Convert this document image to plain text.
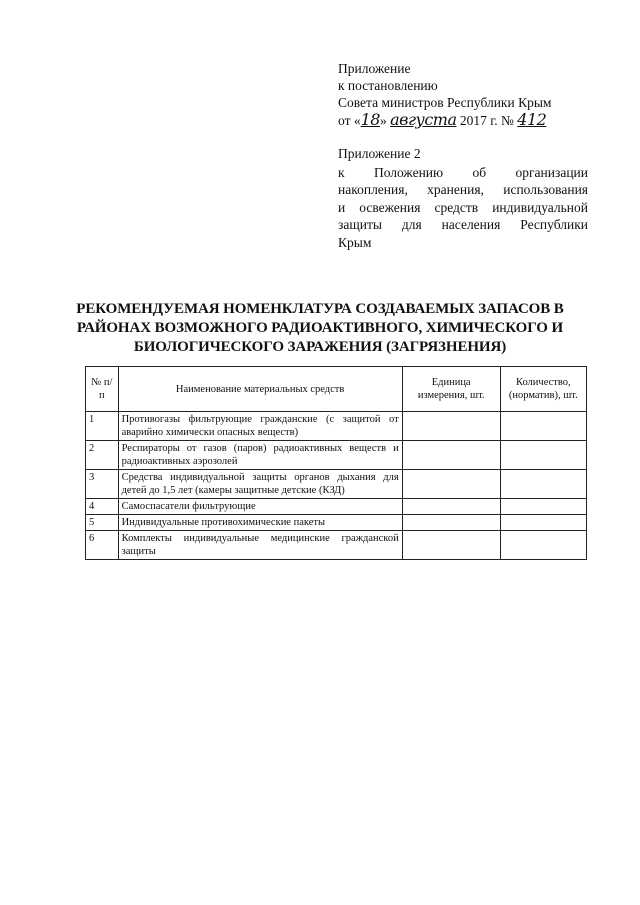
Приложение
к постановлению
Совета министров Республики Крым
от «18» августа 2017 г. № 412
Приложение 2
к Положению об организации
накопления, хранения, использования
и освежения средств индивидуальной
защиты для населения Республики
Крым
РЕКОМЕНДУЕМАЯ НОМЕНКЛАТУРА СОЗДАВАЕМЫХ ЗАПАСОВ В
РАЙОНАХ ВОЗМОЖНОГО РАДИОАКТИВНОГО, ХИМИЧЕСКОГО И
БИОЛОГИЧЕСКОГО ЗАРАЖЕНИЯ (ЗАГРЯЗНЕНИЯ)
№ п/п	Наименование материальных средств	Единица измерения, шт.	Количество, (норматив), шт.
1	Противогазы фильтрующие гражданские (с защитой от аварийно химически опасных веществ)		
2	Респираторы от газов (паров) радиоактивных веществ и радиоактивных аэрозолей		
3	Средства индивидуальной защиты органов дыхания для детей до 1,5 лет (камеры защитные детские (КЗД)		
4	Самоспасатели фильтрующие		
5	Индивидуальные противохимические пакеты		
6	Комплекты индивидуальные медицинские гражданской защиты		
